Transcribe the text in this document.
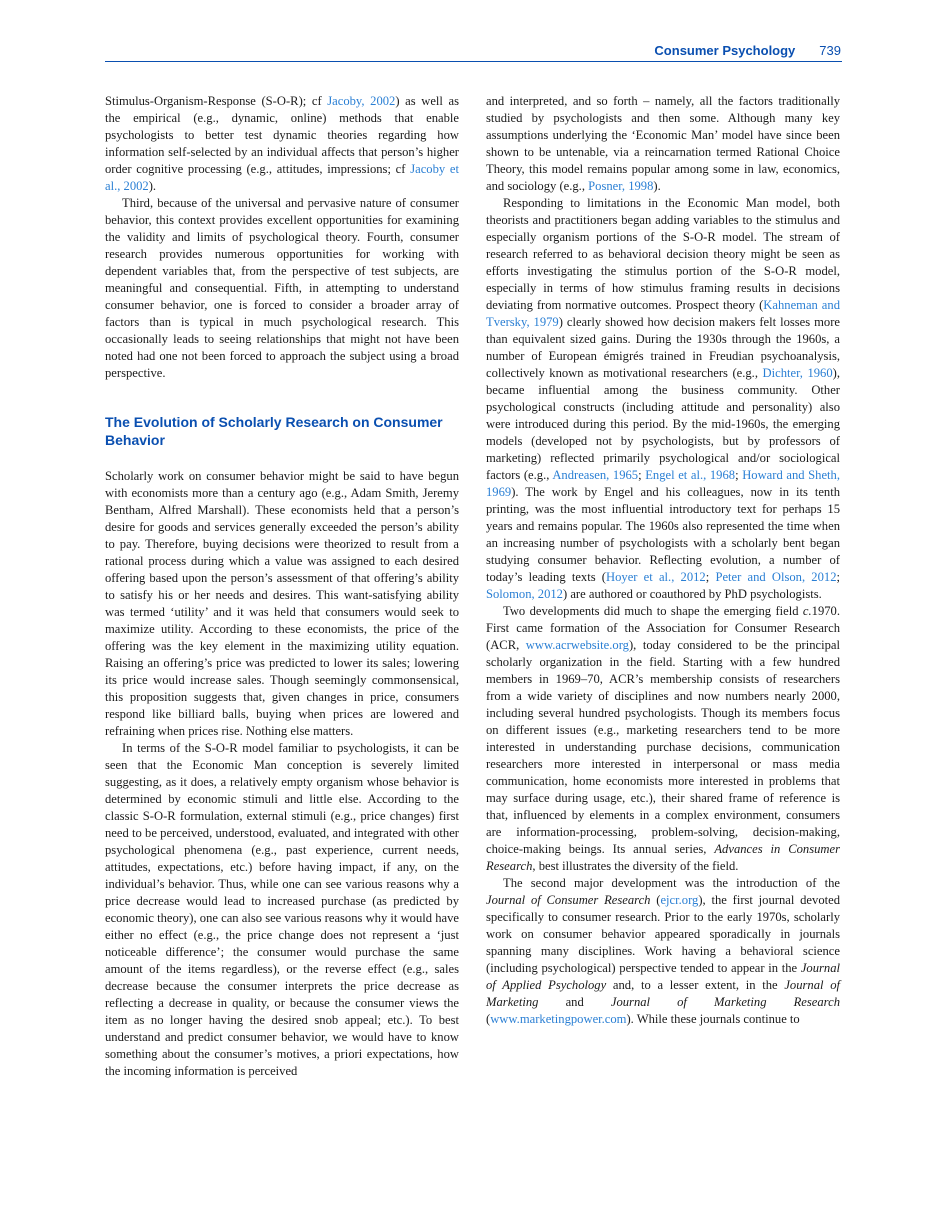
Consumer Psychology 739

Stimulus-Organism-Response (S-O-R); cf Jacoby, 2002) as well as the empirical (e.g., dynamic, online) methods that enable psychologists to better test dynamic theories regarding how information self-selected by an individual affects that person’s higher order cognitive processing (e.g., attitudes, impressions; cf Jacoby et al., 2002).

Third, because of the universal and pervasive nature of consumer behavior, this context provides excellent opportunities for examining the validity and limits of psychological theory. Fourth, consumer research provides numerous opportunities for working with dependent variables that, from the perspective of test subjects, are meaningful and consequential. Fifth, in attempting to understand consumer behavior, one is forced to consider a broader array of factors than is typical in much psychological research. This occasionally leads to seeing relationships that might not have been noted had one not been forced to approach the subject using a broad perspective.

The Evolution of Scholarly Research on Consumer Behavior

Scholarly work on consumer behavior might be said to have begun with economists more than a century ago (e.g., Adam Smith, Jeremy Bentham, Alfred Marshall). These economists held that a person’s desire for goods and services generally exceeded the person’s ability to pay. Therefore, buying decisions were theorized to result from a rational process during which a value was assigned to each desired offering based upon the person’s assessment of that offering’s ability to satisfy his or her needs and desires. This want-satisfying ability was termed ‘utility’ and it was held that consumers would seek to maximize utility. According to these economists, the price of the offering was the key element in the maximizing utility equation. Raising an offering’s price was predicted to lower its sales; lowering its price would increase sales. Though seemingly commonsensical, this proposition suggests that, given changes in price, consumers respond like billiard balls, buying when prices are lowered and refraining when prices rise. Nothing else matters.

In terms of the S-O-R model familiar to psychologists, it can be seen that the Economic Man conception is severely limited suggesting, as it does, a relatively empty organism whose behavior is determined by economic stimuli and little else. According to the classic S-O-R formulation, external stimuli (e.g., price changes) first need to be perceived, understood, evaluated, and integrated with other psychological phenomena (e.g., past experience, current needs, attitudes, expectations, etc.) before having impact, if any, on the individual’s behavior. Thus, while one can see various reasons why a price decrease would lead to increased purchase (as predicted by economic theory), one can also see various reasons why it would have either no effect (e.g., the price change does not represent a ‘just noticeable difference’; the consumer would purchase the same amount of the items regardless), or the reverse effect (e.g., sales decrease because the consumer interprets the price decrease as reflecting a decrease in quality, or because the consumer views the item as no longer having the desired snob appeal; etc.). To best understand and predict consumer behavior, we would have to know something about the consumer’s motives, a priori expectations, how the incoming information is perceived

and interpreted, and so forth – namely, all the factors traditionally studied by psychologists and then some. Although many key assumptions underlying the ‘Economic Man’ model have since been shown to be untenable, via a reincarnation termed Rational Choice Theory, this model remains popular among some in law, economics, and sociology (e.g., Posner, 1998).

Responding to limitations in the Economic Man model, both theorists and practitioners began adding variables to the stimulus and especially organism portions of the S-O-R model. The stream of research referred to as behavioral decision theory might be seen as efforts investigating the stimulus portion of the S-O-R model, especially in terms of how stimulus framing results in decisions deviating from normative outcomes. Prospect theory (Kahneman and Tversky, 1979) clearly showed how decision makers felt losses more than equivalent sized gains. During the 1930s through the 1960s, a number of European émigrés trained in Freudian psychoanalysis, collectively known as motivational researchers (e.g., Dichter, 1960), became influential among the business community. Other psychological constructs (including attitude and personality) also were introduced during this period. By the mid-1960s, the emerging models (developed not by psychologists, but by professors of marketing) reflected primarily psychological and/or sociological factors (e.g., Andreasen, 1965; Engel et al., 1968; Howard and Sheth, 1969). The work by Engel and his colleagues, now in its tenth printing, was the most influential introductory text for perhaps 15 years and remains popular. The 1960s also represented the time when an increasing number of psychologists with a scholarly bent began studying consumer behavior. Reflecting evolution, a number of today’s leading texts (Hoyer et al., 2012; Peter and Olson, 2012; Solomon, 2012) are authored or coauthored by PhD psychologists.

Two developments did much to shape the emerging field c.1970. First came formation of the Association for Consumer Research (ACR, www.acrwebsite.org), today considered to be the principal scholarly organization in the field. Starting with a few hundred members in 1969–70, ACR’s membership consists of researchers from a wide variety of disciplines and now numbers nearly 2000, including several hundred psychologists. Though its members focus on different issues (e.g., marketing researchers tend to be more interested in understanding purchase decisions, communication researchers more interested in interpersonal or mass media communication, home economists more interested in problems that may surface during usage, etc.), their shared frame of reference is that, influenced by elements in a complex environment, consumers are information-processing, problem-solving, decision-making, choice-making beings. Its annual series, Advances in Consumer Research, best illustrates the diversity of the field.

The second major development was the introduction of the Journal of Consumer Research (ejcr.org), the first journal devoted specifically to consumer research. Prior to the early 1970s, scholarly work on consumer behavior appeared sporadically in journals spanning many disciplines. Work having a behavioral science (including psychological) perspective tended to appear in the Journal of Applied Psychology and, to a lesser extent, in the Journal of Marketing and Journal of Marketing Research (www.marketingpower.com). While these journals continue to
